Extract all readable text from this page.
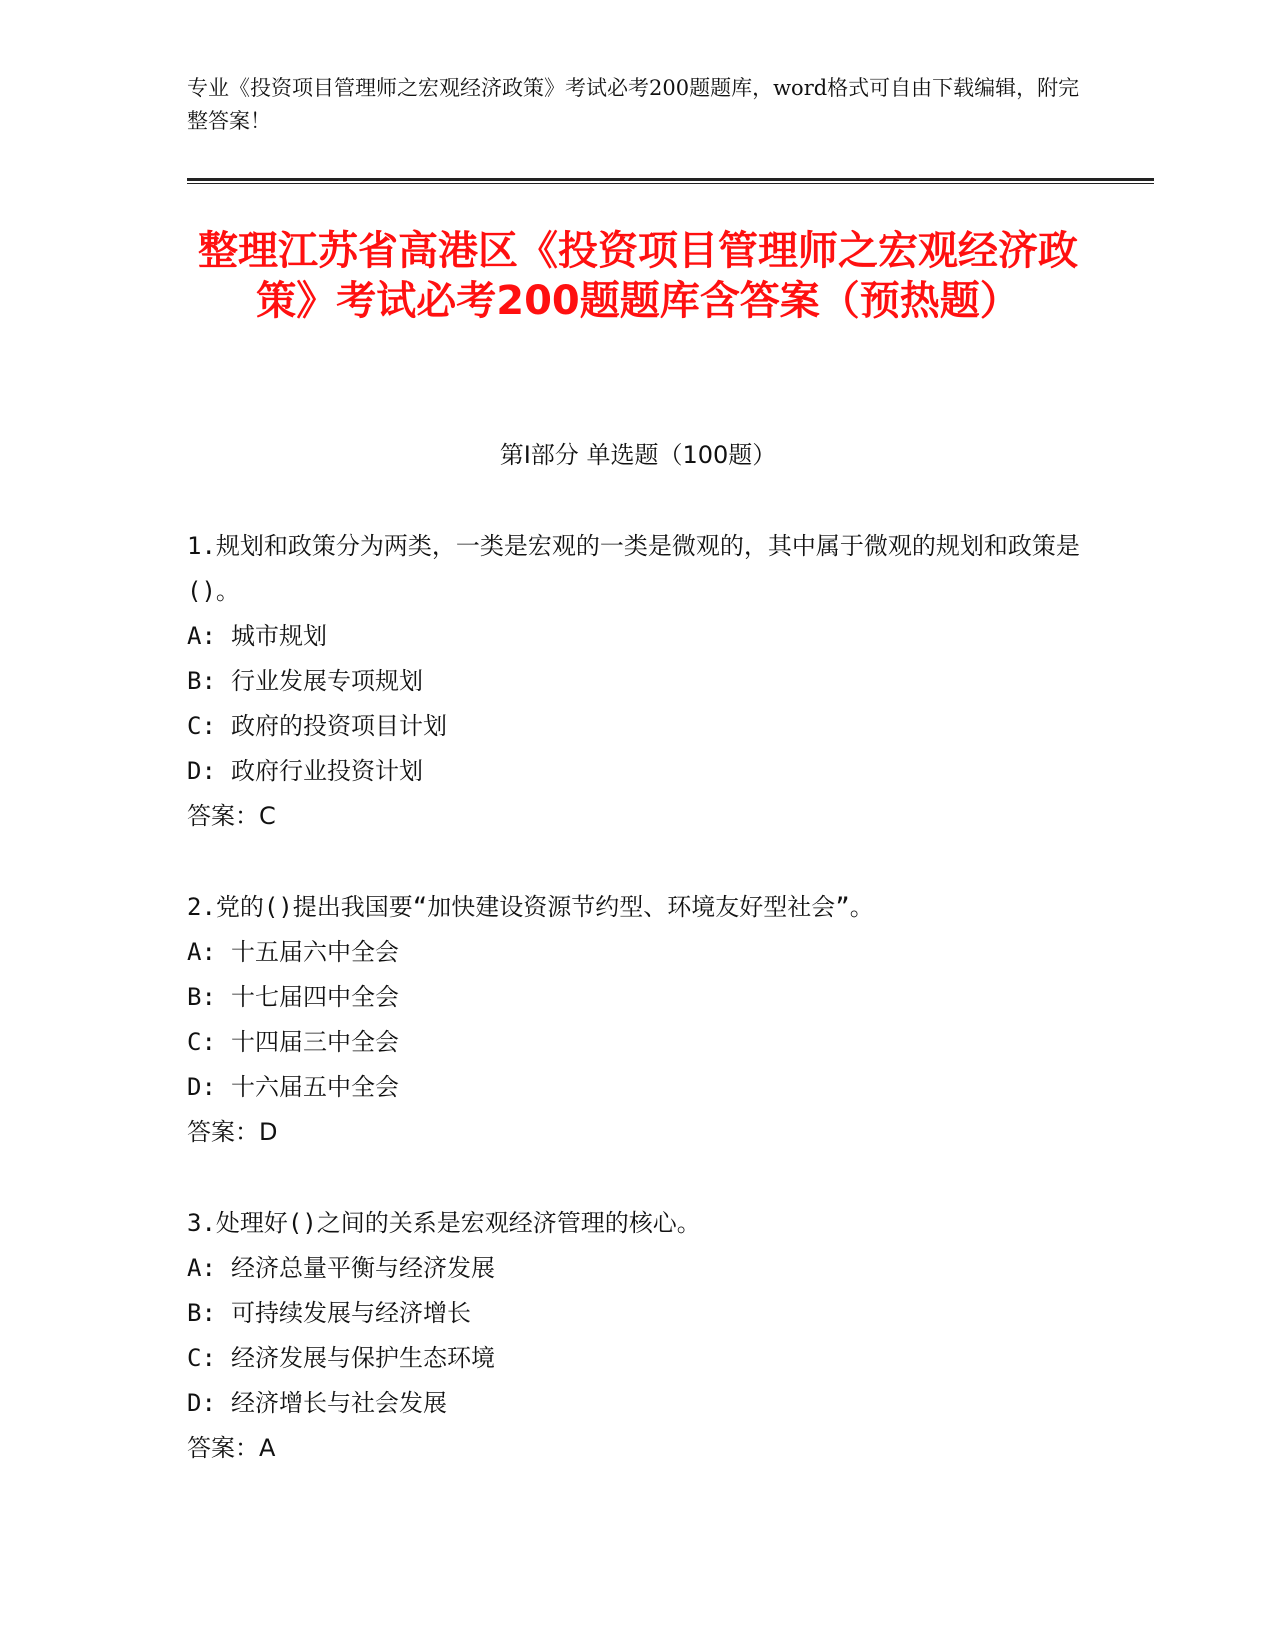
专业《投资项目管理师之宏观经济政策》考试必考200题题库，word格式可自由下载编辑，附完整答案！
整理江苏省高港区《投资项目管理师之宏观经济政策》考试必考200题题库含答案（预热题）
第Ⅰ部分 单选题（100题）

1.规划和政策分为两类，一类是宏观的一类是微观的，其中属于微观的规划和政策是()。

A: 城市规划

B: 行业发展专项规划

C: 政府的投资项目计划

D: 政府行业投资计划

答案：C

2.党的()提出我国要“加快建设资源节约型、环境友好型社会”。

A: 十五届六中全会

B: 十七届四中全会

C: 十四届三中全会

D: 十六届五中全会

答案：D

3.处理好()之间的关系是宏观经济管理的核心。

A: 经济总量平衡与经济发展

B: 可持续发展与经济增长

C: 经济发展与保护生态环境

D: 经济增长与社会发展

答案：A
